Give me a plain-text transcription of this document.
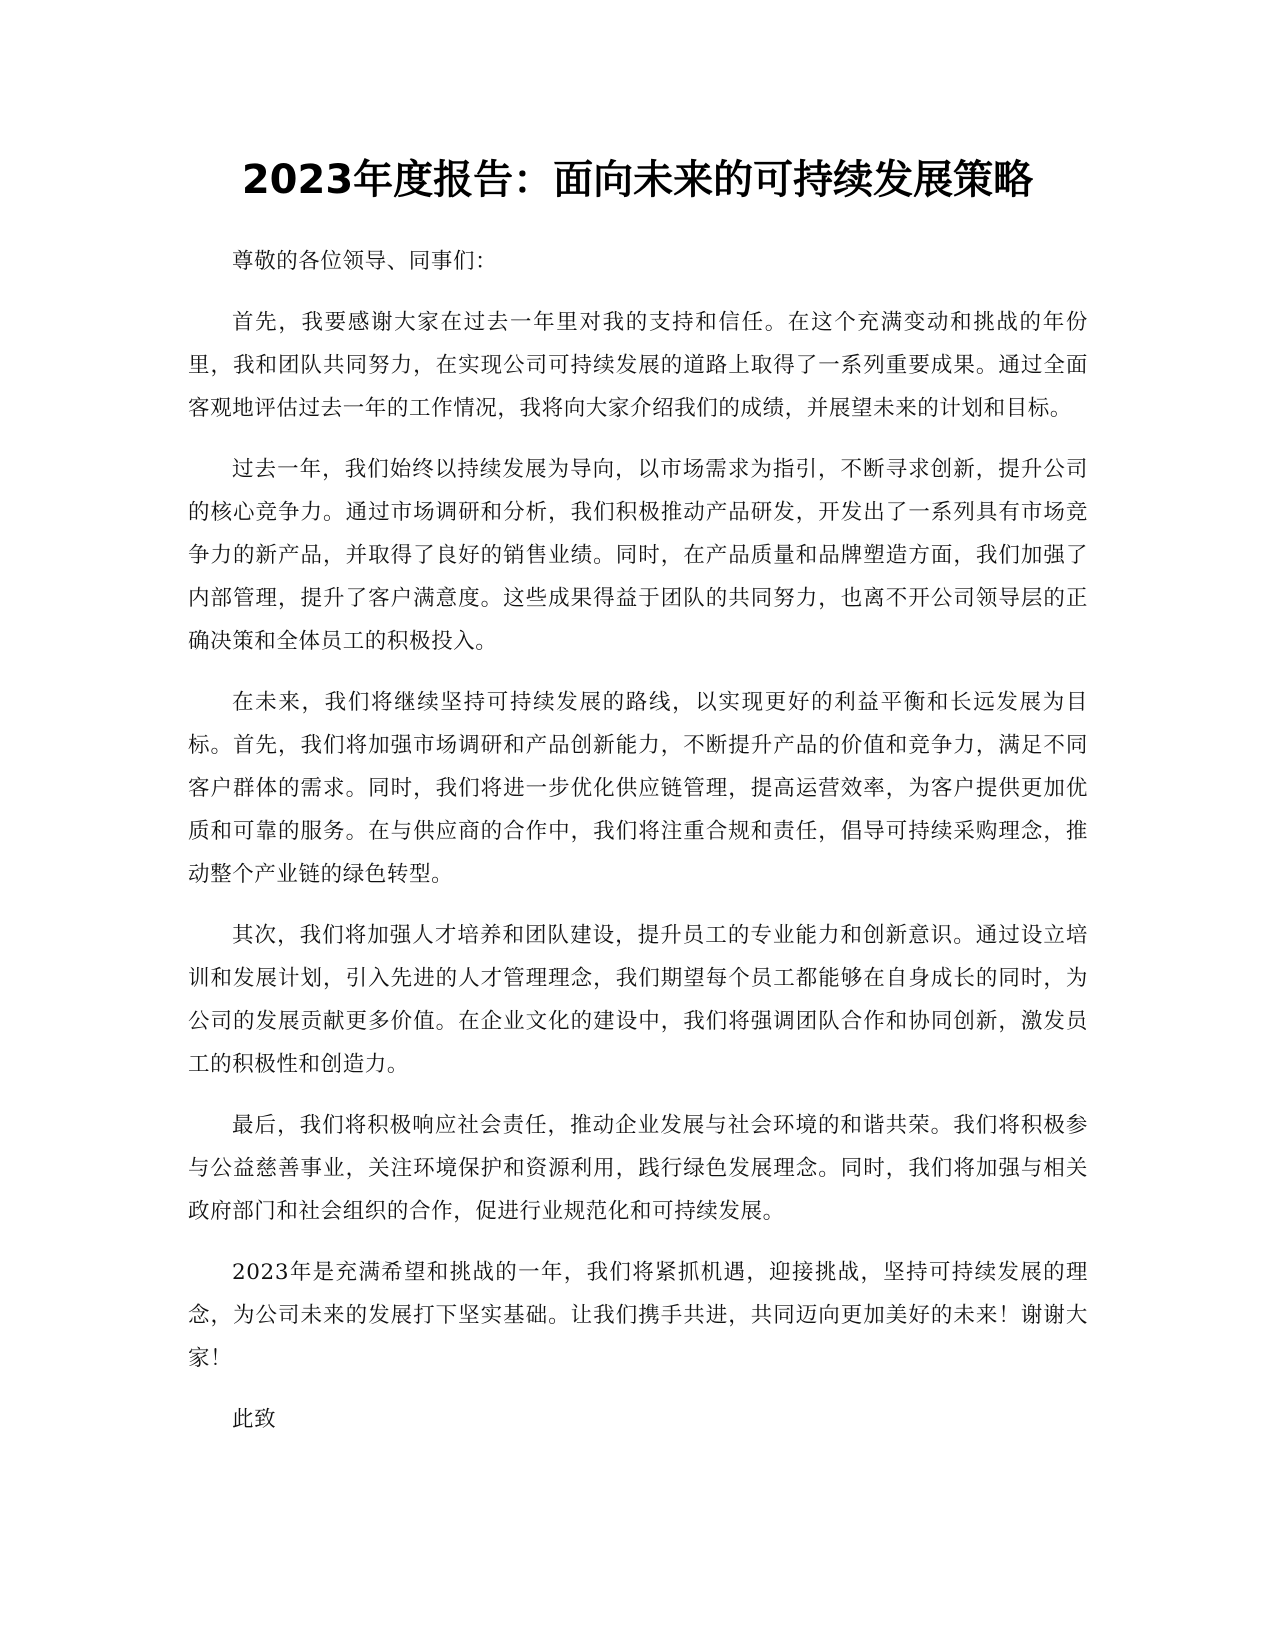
2023年度报告：面向未来的可持续发展策略

尊敬的各位领导、同事们：

首先，我要感谢大家在过去一年里对我的支持和信任。在这个充满变动和挑战的年份里，我和团队共同努力，在实现公司可持续发展的道路上取得了一系列重要成果。通过全面客观地评估过去一年的工作情况，我将向大家介绍我们的成绩，并展望未来的计划和目标。

过去一年，我们始终以持续发展为导向，以市场需求为指引，不断寻求创新，提升公司的核心竞争力。通过市场调研和分析，我们积极推动产品研发，开发出了一系列具有市场竞争力的新产品，并取得了良好的销售业绩。同时，在产品质量和品牌塑造方面，我们加强了内部管理，提升了客户满意度。这些成果得益于团队的共同努力，也离不开公司领导层的正确决策和全体员工的积极投入。

在未来，我们将继续坚持可持续发展的路线，以实现更好的利益平衡和长远发展为目标。首先，我们将加强市场调研和产品创新能力，不断提升产品的价值和竞争力，满足不同客户群体的需求。同时，我们将进一步优化供应链管理，提高运营效率，为客户提供更加优质和可靠的服务。在与供应商的合作中，我们将注重合规和责任，倡导可持续采购理念，推动整个产业链的绿色转型。

其次，我们将加强人才培养和团队建设，提升员工的专业能力和创新意识。通过设立培训和发展计划，引入先进的人才管理理念，我们期望每个员工都能够在自身成长的同时，为公司的发展贡献更多价值。在企业文化的建设中，我们将强调团队合作和协同创新，激发员工的积极性和创造力。

最后，我们将积极响应社会责任，推动企业发展与社会环境的和谐共荣。我们将积极参与公益慈善事业，关注环境保护和资源利用，践行绿色发展理念。同时，我们将加强与相关政府部门和社会组织的合作，促进行业规范化和可持续发展。

2023年是充满希望和挑战的一年，我们将紧抓机遇，迎接挑战，坚持可持续发展的理念，为公司未来的发展打下坚实基础。让我们携手共进，共同迈向更加美好的未来！谢谢大家！

此致
